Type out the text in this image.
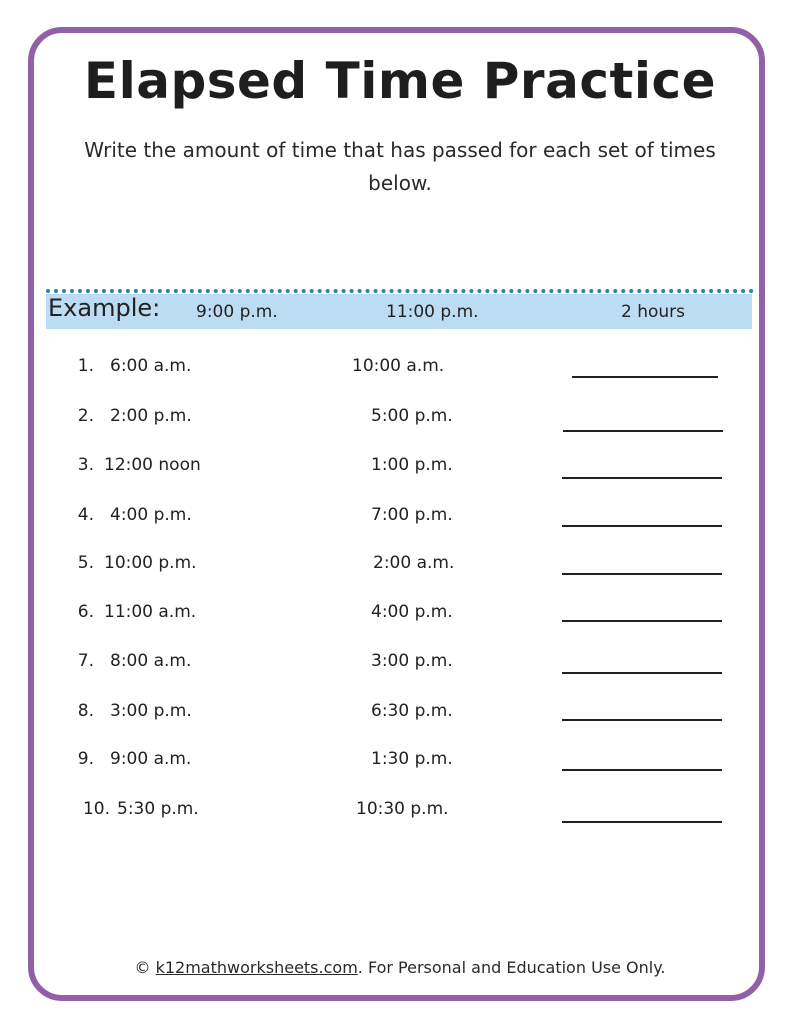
Elapsed Time Practice
Write the amount of time that has passed for each set of times below.
Example: 9:00 p.m.	11:00 p.m.	2 hours
1. 6:00 a.m.	10:00 a.m.
2. 2:00 p.m.	5:00 p.m.
3. 12:00 noon	1:00 p.m.
4. 4:00 p.m.	7:00 p.m.
5. 10:00 p.m.	2:00 a.m.
6. 11:00 a.m.	4:00 p.m.
7. 8:00 a.m.	3:00 p.m.
8. 3:00 p.m.	6:30 p.m.
9. 9:00 a.m.	1:30 p.m.
10. 5:30 p.m.	10:30 p.m.
© k12mathworksheets.com. For Personal and Education Use Only.
